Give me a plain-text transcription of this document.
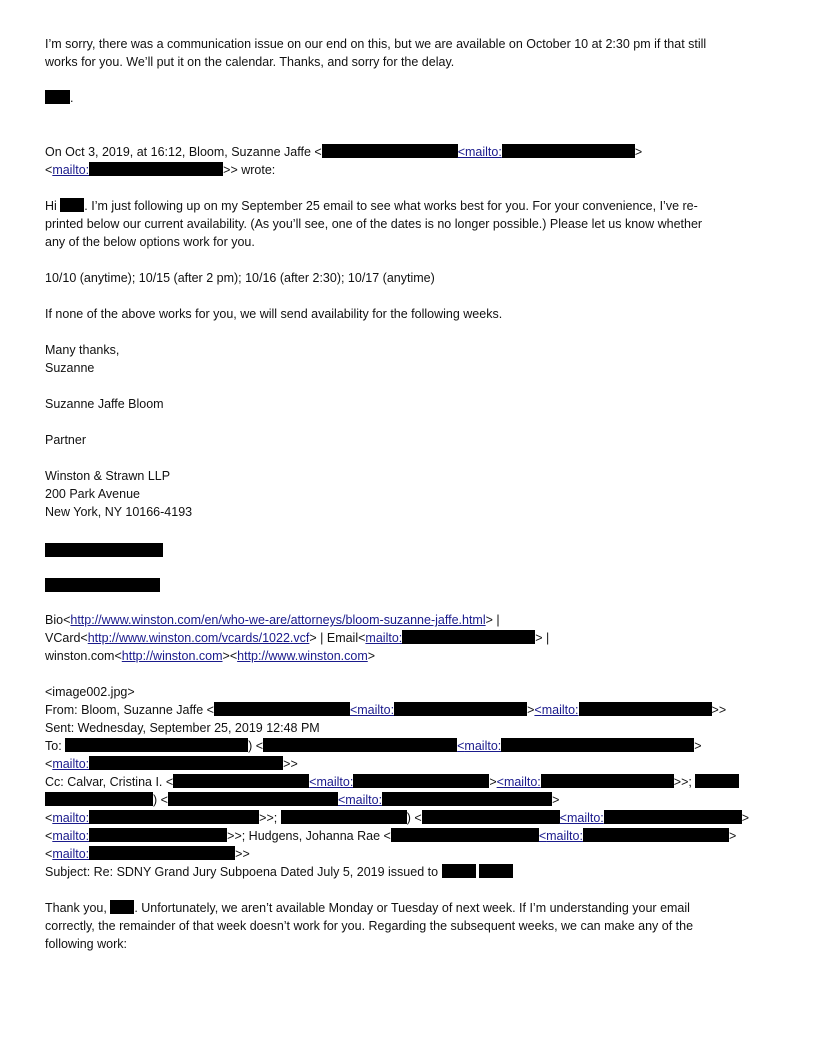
I’m sorry, there was a communication issue on our end on this, but we are available on October 10 at 2:30 pm if that still
works for you. We’ll put it on the calendar. Thanks, and sorry for the delay.
.
On Oct 3, 2019, at 16:12, Bloom, Suzanne Jaffe <	<mailto:	>
<mailto:	>> wrote:
Hi . I’m just following up on my September 25 email to see what works best for you. For your convenience, I’ve re-
printed below our current availability. (As you’ll see, one of the dates is no longer possible.) Please let us know whether
any of the below options work for you.
10/10 (anytime); 10/15 (after 2 pm); 10/16 (after 2:30); 10/17 (anytime)
If none of the above works for you, we will send availability for the following weeks.
Many thanks,
Suzanne
Suzanne Jaffe Bloom
Partner
Winston & Strawn LLP
200 Park Avenue
New York, NY 10166-4193
Bio<http://www.winston.com/en/who-we-are/attorneys/bloom-suzanne-jaffe.html> |
VCard<http://www.winston.com/vcards/1022.vcf> | Email<mailto:	> |
winston.com<http://winston.com><http://www.winston.com>
<image002.jpg>
From: Bloom, Suzanne Jaffe <	<mailto:	><mailto:	>>
Sent: Wednesday, September 25, 2019 12:48 PM
To:	) <	<mailto:	>
<mailto:	>>
Cc: Calvar, Cristina I. <	<mailto:	><mailto:	>>;
) <	<mailto:	>
<mailto:	>>;	) <	<mailto:	>
<mailto:	>>; Hudgens, Johanna Rae <	<mailto:	>
<mailto:	>>
Subject: Re: SDNY Grand Jury Subpoena Dated July 5, 2019 issued to
Thank you, . Unfortunately, we aren’t available Monday or Tuesday of next week. If I’m understanding your email
correctly, the remainder of that week doesn’t work for you. Regarding the subsequent weeks, we can make any of the
following work:
